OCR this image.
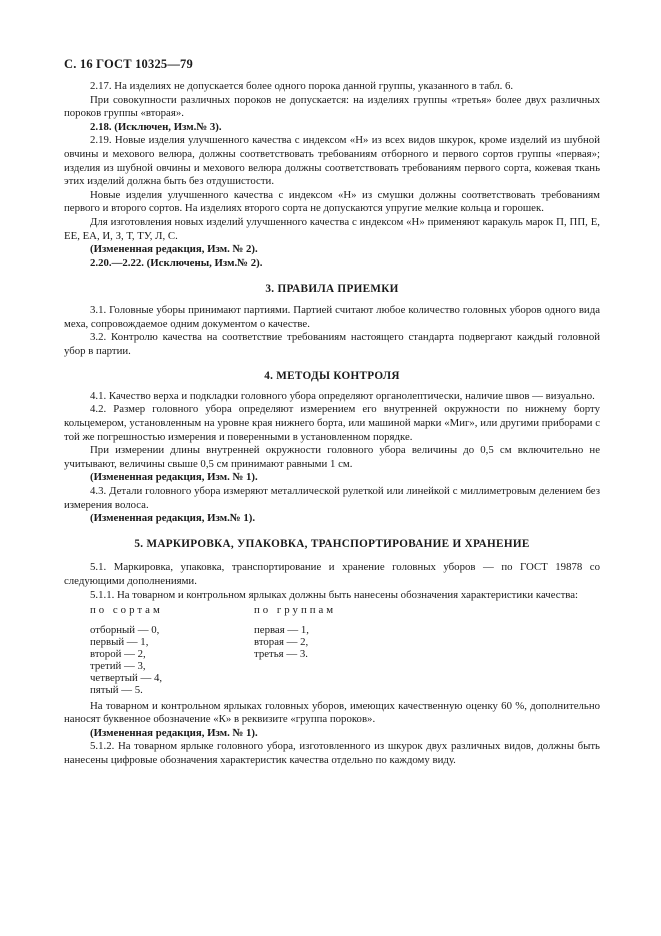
С. 16 ГОСТ 10325—79

2.17. На изделиях не допускается более одного порока данной группы, указанного в табл. 6.

При совокупности различных пороков не допускается: на изделиях группы «третья» более двух различных пороков группы «вторая».

2.18. (Исключен, Изм.№ 3).

2.19. Новые изделия улучшенного качества с индексом «Н» из всех видов шкурок, кроме изделий из шубной овчины и мехового велюра, должны соответствовать требованиям отборного и первого сортов группы «первая»; изделия из шубной овчины и мехового велюра должны соответствовать требованиям первого сорта, кожевая ткань этих изделий должна быть без отдушистости.

Новые изделия улучшенного качества с индексом «Н» из смушки должны соответствовать требованиям первого и второго сортов. На изделиях второго сорта не допускаются упругие мелкие кольца и горошек.

Для изготовления новых изделий улучшенного качества с индексом «Н» применяют каракуль марок П, ПП, Е, ЕЕ, ЕА, И, З, Т, ТУ, Л, С.

(Измененная редакция, Изм. № 2).

2.20.—2.22. (Исключены, Изм.№ 2).

3. ПРАВИЛА ПРИЕМКИ

3.1. Головные уборы принимают партиями. Партией считают любое количество головных уборов одного вида меха, сопровождаемое одним документом о качестве.

3.2. Контролю качества на соответствие требованиям настоящего стандарта подвергают каждый головной убор в партии.

4. МЕТОДЫ КОНТРОЛЯ

4.1. Качество верха и подкладки головного убора определяют органолептически, наличие швов — визуально.

4.2. Размер головного убора определяют измерением его внутренней окружности по нижнему борту кольцемером, установленным на уровне края нижнего борта, или машиной марки «Миг», или другими приборами с той же погрешностью измерения и поверенными в установленном порядке.

При измерении длины внутренней окружности головного убора величины до 0,5 см включительно не учитывают, величины свыше 0,5 см принимают равными 1 см.

(Измененная редакция, Изм. № 1).

4.3. Детали головного убора измеряют металлической рулеткой или линейкой с миллиметровым делением без измерения волоса.

(Измененная редакция, Изм.№ 1).

5. МАРКИРОВКА, УПАКОВКА, ТРАНСПОРТИРОВАНИЕ И ХРАНЕНИЕ

5.1. Маркировка, упаковка, транспортирование и хранение головных уборов — по ГОСТ 19878 со следующими дополнениями.

5.1.1. На товарном и контрольном ярлыках должны быть нанесены обозначения характеристики качества:

по сортам
отборный — 0,
первый — 1,
второй — 2,
третий — 3,
четвертый — 4,
пятый — 5.
по группам
первая — 1,
вторая — 2,
третья — 3.

На товарном и контрольном ярлыках головных уборов, имеющих качественную оценку 60 %, дополнительно наносят буквенное обозначение «К» в реквизите «группа пороков».

(Измененная редакция, Изм. № 1).

5.1.2. На товарном ярлыке головного убора, изготовленного из шкурок двух различных видов, должны быть нанесены цифровые обозначения характеристик качества отдельно по каждому виду.
